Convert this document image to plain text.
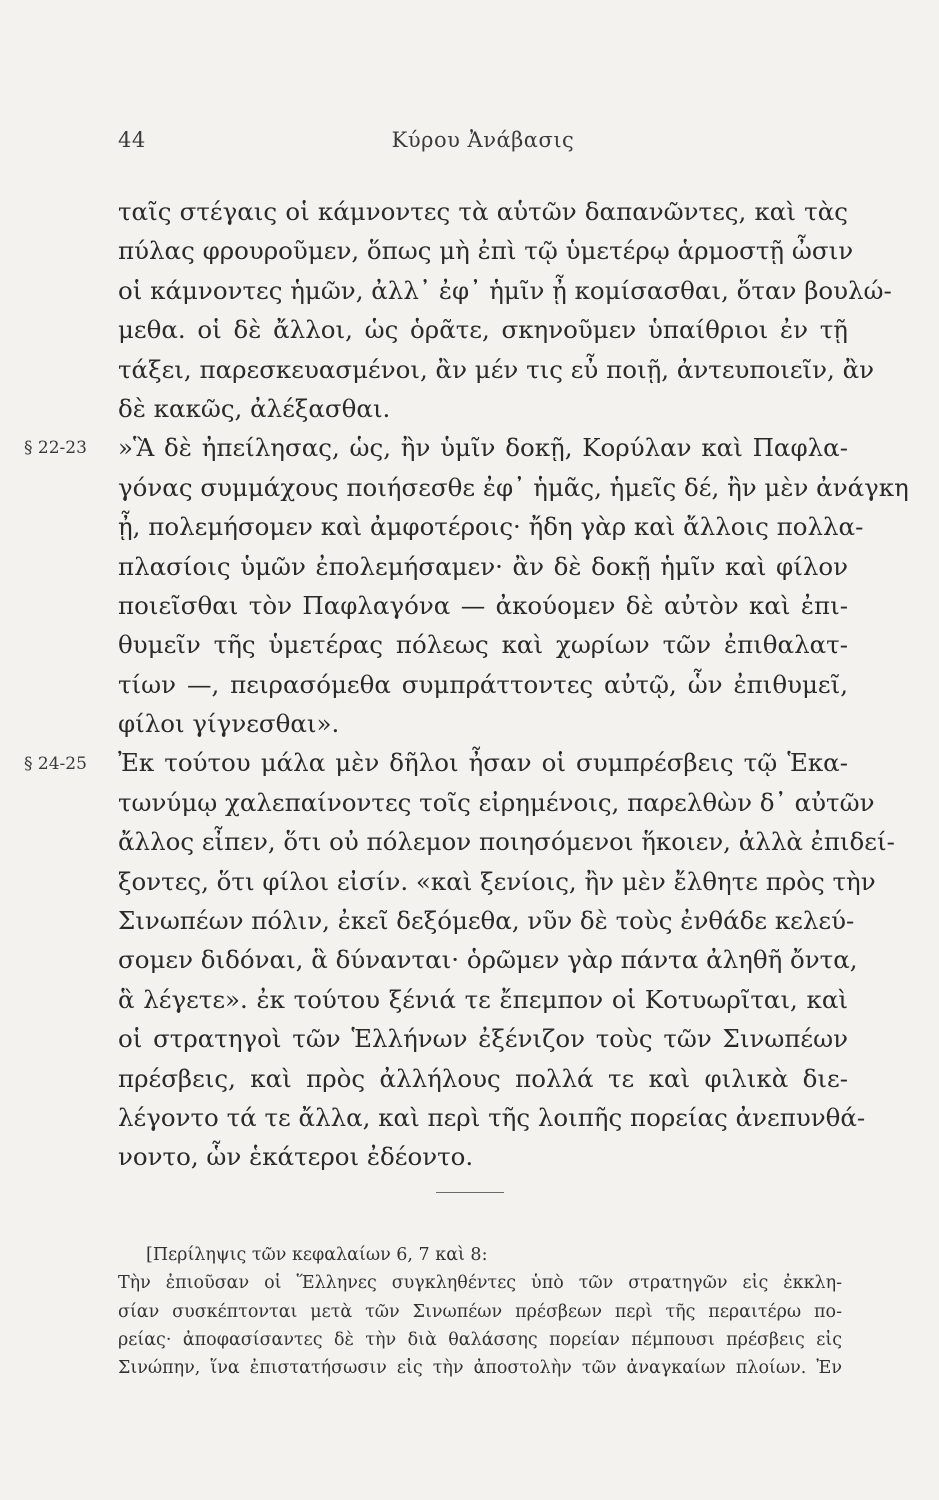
44	Κύρου Ἀνάβασις
ταῖς στέγαις οἱ κάμνοντες τὰ αὑτῶν δαπανῶντες, καὶ τὰς
πύλας φρουροῦμεν, ὅπως μὴ ἐπὶ τῷ ὑμετέρῳ ἁρμοστῇ ὦσιν
οἱ κάμνοντες ἡμῶν, ἀλλ᾽ ἐφ᾽ ἡμῖν ᾖ κομίσασθαι, ὅταν βουλώ-
μεθα. οἱ δὲ ἄλλοι, ὡς ὁρᾶτε, σκηνοῦμεν ὑπαίθριοι ἐν τῇ
τάξει, παρεσκευασμένοι, ἂν μέν τις εὖ ποιῇ, ἀντευποιεῖν, ἂν
δὲ κακῶς, ἀλέξασθαι.
»Ἃ δὲ ἠπείλησας, ὡς, ἢν ὑμῖν δοκῇ, Κορύλαν καὶ Παφλα-
γόνας συμμάχους ποιήσεσθε ἐφ᾽ ἡμᾶς, ἡμεῖς δέ, ἢν μὲν ἀνάγκη
ᾖ, πολεμήσομεν καὶ ἀμφοτέροις· ἤδη γὰρ καὶ ἄλλοις πολλα-
πλασίοις ὑμῶν ἐπολεμήσαμεν· ἂν δὲ δοκῇ ἡμῖν καὶ φίλον
ποιεῖσθαι τὸν Παφλαγόνα — ἀκούομεν δὲ αὐτὸν καὶ ἐπι-
θυμεῖν τῆς ὑμετέρας πόλεως καὶ χωρίων τῶν ἐπιθαλατ-
τίων —, πειρασόμεθα συμπράττοντες αὐτῷ, ὧν ἐπιθυμεῖ,
φίλοι γίγνεσθαι».
Ἐκ τούτου μάλα μὲν δῆλοι ἦσαν οἱ συμπρέσβεις τῷ Ἑκα-
τωνύμῳ χαλεπαίνοντες τοῖς εἰρημένοις, παρελθὼν δ᾽ αὐτῶν
ἄλλος εἶπεν, ὅτι οὐ πόλεμον ποιησόμενοι ἥκοιεν, ἀλλὰ ἐπιδεί-
ξοντες, ὅτι φίλοι εἰσίν. «καὶ ξενίοις, ἢν μὲν ἔλθητε πρὸς τὴν
Σινωπέων πόλιν, ἐκεῖ δεξόμεθα, νῦν δὲ τοὺς ἐνθάδε κελεύ-
σομεν διδόναι, ἃ δύνανται· ὁρῶμεν γὰρ πάντα ἀληθῆ ὄντα,
ἃ λέγετε». ἐκ τούτου ξένιά τε ἔπεμπον οἱ Κοτυωρῖται, καὶ
οἱ στρατηγοὶ τῶν Ἑλλήνων ἐξένιζον τοὺς τῶν Σινωπέων
πρέσβεις, καὶ πρὸς ἀλλήλους πολλά τε καὶ φιλικὰ διε-
λέγοντο τά τε ἄλλα, καὶ περὶ τῆς λοιπῆς πορείας ἀνεπυνθά-
νοντο, ὧν ἑκάτεροι ἐδέοντο.
[Περίληψις τῶν κεφαλαίων 6, 7 καὶ 8:
Τὴν ἐπιοῦσαν οἱ Ἕλληνες συγκληθέντες ὑπὸ τῶν στρατηγῶν εἰς ἐκκλη-
σίαν συσκέπτονται μετὰ τῶν Σινωπέων πρέσβεων περὶ τῆς περαιτέρω πο-
ρείας· ἀποφασίσαντες δὲ τὴν διὰ θαλάσσης πορείαν πέμπουσι πρέσβεις εἰς
Σινώπην, ἵνα ἐπιστατήσωσιν εἰς τὴν ἀποστολὴν τῶν ἀναγκαίων πλοίων. Ἐν
§ 22-23
§ 24-25
